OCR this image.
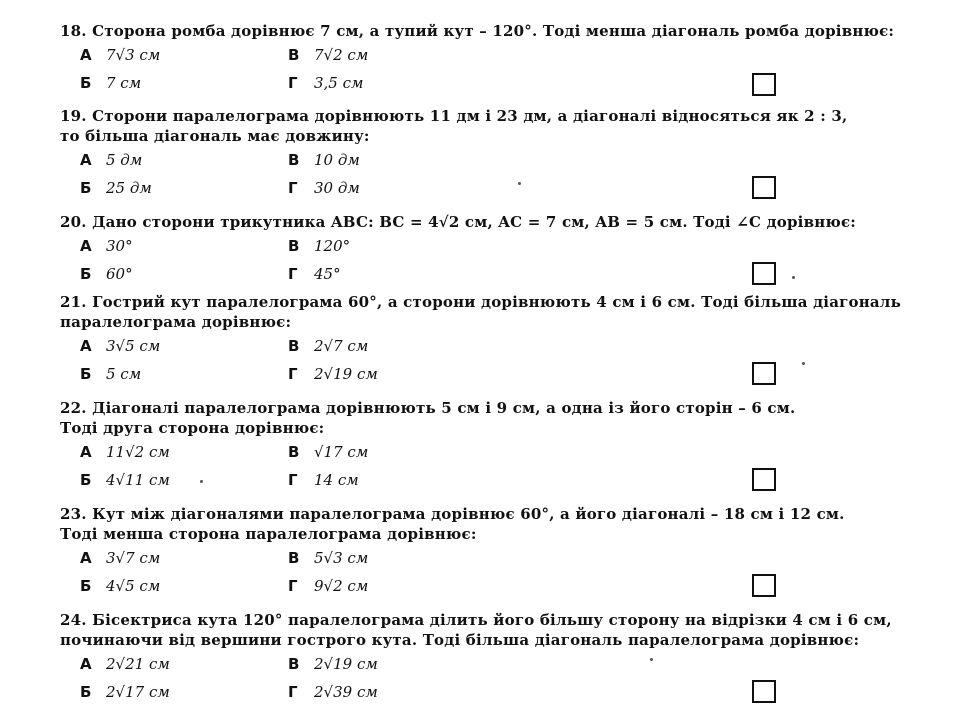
18. Сторона ромба дорівнює 7 см, а тупий кут – 120°. Тоді менша діагональ ромба дорівнює:
А 7√3 см	В 7√2 см
Б 7 см	Г 3,5 см
19. Сторони паралелограма дорівнюють 11 дм і 23 дм, а діагоналі відносяться як 2 : 3,
то більша діагональ має довжину:
А 5 дм	В 10 дм
Б 25 дм	Г 30 дм
20. Дано сторони трикутника ABC: BC = 4√2 см, AC = 7 см, AB = 5 см. Тоді ∠C дорівнює:
А 30°	В 120°
Б 60°	Г 45°
21. Гострий кут паралелограма 60°, а сторони дорівнюють 4 см і 6 см. Тоді більша діагональ
паралелограма дорівнює:
А 3√5 см	В 2√7 см
Б 5 см	Г 2√19 см
22. Діагоналі паралелограма дорівнюють 5 см і 9 см, а одна із його сторін – 6 см.
Тоді друга сторона дорівнює:
А 11√2 см	В √17 см
Б 4√11 см	Г 14 см
23. Кут між діагоналями паралелограма дорівнює 60°, а його діагоналі – 18 см і 12 см.
Тоді менша сторона паралелограма дорівнює:
А 3√7 см	В 5√3 см
Б 4√5 см	Г 9√2 см
24. Бісектриса кута 120° паралелограма ділить його більшу сторону на відрізки 4 см і 6 см,
починаючи від вершини гострого кута. Тоді більша діагональ паралелограма дорівнює:
А 2√21 см	В 2√19 см
Б 2√17 см	Г 2√39 см
